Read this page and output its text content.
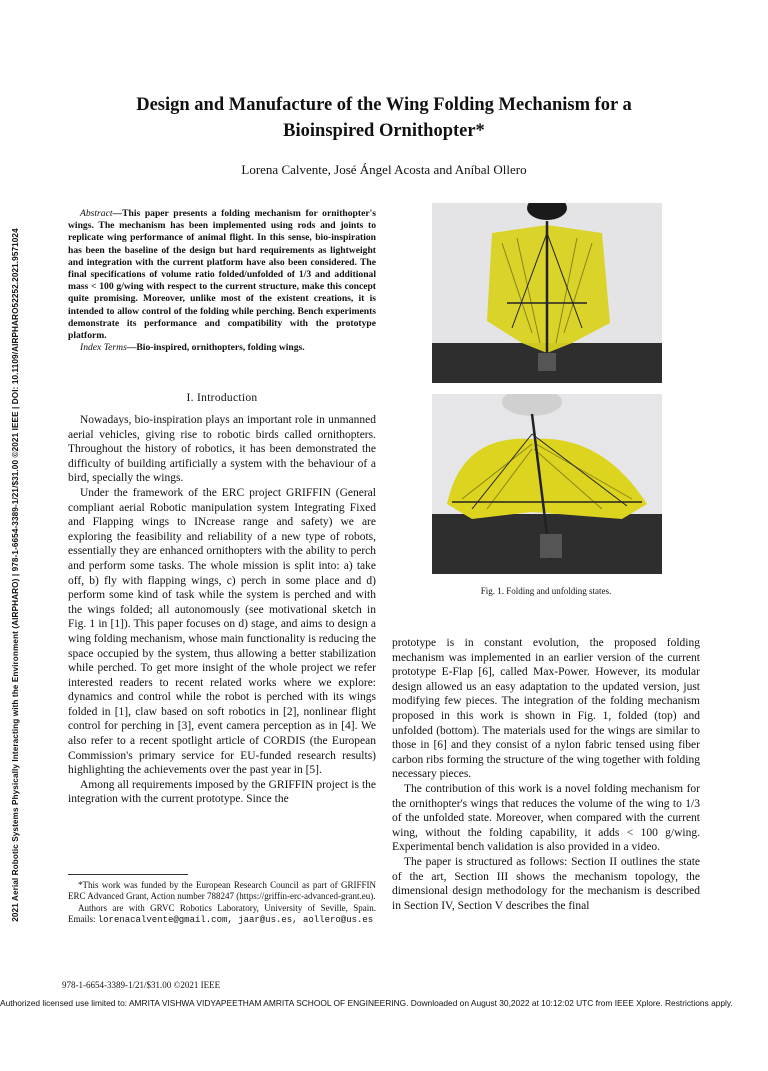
Design and Manufacture of the Wing Folding Mechanism for a
Bioinspired Ornithopter*
Lorena Calvente, José Ángel Acosta and Aníbal Ollero
2021 Aerial Robotic Systems Physically Interacting with the Environment (AIRPHARO) | 978-1-6654-3389-1/21/$31.00 ©2021 IEEE | DOI: 10.1109/AIRPHARO52252.2021.9571024

Abstract—This paper presents a folding mechanism for ornithopter's wings. The mechanism has been implemented using rods and joints to replicate wing performance of animal flight. In this sense, bio-inspiration has been the baseline of the design but hard requirements as lightweight and integration with the current platform have also been considered. The final specifications of volume ratio folded/unfolded of 1/3 and additional mass < 100 g/wing with respect to the current structure, make this concept quite promising. Moreover, unlike most of the existent creations, it is intended to allow control of the folding while perching. Bench experiments demonstrate its performance and compatibility with the prototype platform.

Index Terms—Bio-inspired, ornithopters, folding wings.

I. Introduction

Nowadays, bio-inspiration plays an important role in unmanned aerial vehicles, giving rise to robotic birds called ornithopters. Throughout the history of robotics, it has been demonstrated the difficulty of building artificially a system with the behaviour of a bird, specially the wings.

Under the framework of the ERC project GRIFFIN (General compliant aerial Robotic manipulation system Integrating Fixed and Flapping wings to INcrease range and safety) we are exploring the feasibility and reliability of a new type of robots, essentially they are enhanced ornithopters with the ability to perch and perform some tasks. The whole mission is split into: a) take off, b) fly with flapping wings, c) perch in some place and d) perform some kind of task while the system is perched and with the wings folded; all autonomously (see motivational sketch in Fig. 1 in [1]). This paper focuses on d) stage, and aims to design a wing folding mechanism, whose main functionality is reducing the space occupied by the system, thus allowing a better stabilization while perched. To get more insight of the whole project we refer interested readers to recent related works where we explore: dynamics and control while the robot is perched with its wings folded in [1], claw based on soft robotics in [2], nonlinear flight control for perching in [3], event camera perception as in [4]. We also refer to a recent spotlight article of CORDIS (the European Commission's primary service for EU-funded research results) highlighting the achievements over the past year in [5].

Among all requirements imposed by the GRIFFIN project is the integration with the current prototype. Since the

*This work was funded by the European Research Council as part of GRIFFIN ERC Advanced Grant, Action number 788247 (https://griffin-erc-advanced-grant.eu).

Authors are with GRVC Robotics Laboratory, University of Seville, Spain. Emails: lorenacalvente@gmail.com, jaar@us.es, aollero@us.es

Fig. 1. Folding and unfolding states.

prototype is in constant evolution, the proposed folding mechanism was implemented in an earlier version of the current prototype E-Flap [6], called Max-Power. However, its modular design allowed us an easy adaptation to the updated version, just modifying few pieces. The integration of the folding mechanism proposed in this work is shown in Fig. 1, folded (top) and unfolded (bottom). The materials used for the wings are similar to those in [6] and they consist of a nylon fabric tensed using fiber carbon ribs forming the structure of the wing together with folding necessary pieces.

The contribution of this work is a novel folding mechanism for the ornithopter's wings that reduces the volume of the wing to 1/3 of the unfolded state. Moreover, when compared with the current wing, without the folding capability, it adds < 100 g/wing. Experimental bench validation is also provided in a video.

The paper is structured as follows: Section II outlines the state of the art, Section III shows the mechanism topology, the dimensional design methodology for the mechanism is described in Section IV, Section V describes the final

978-1-6654-3389-1/21/$31.00 ©2021 IEEE
Authorized licensed use limited to: AMRITA VISHWA VIDYAPEETHAM AMRITA SCHOOL OF ENGINEERING. Downloaded on August 30,2022 at 10:12:02 UTC from IEEE Xplore. Restrictions apply.
